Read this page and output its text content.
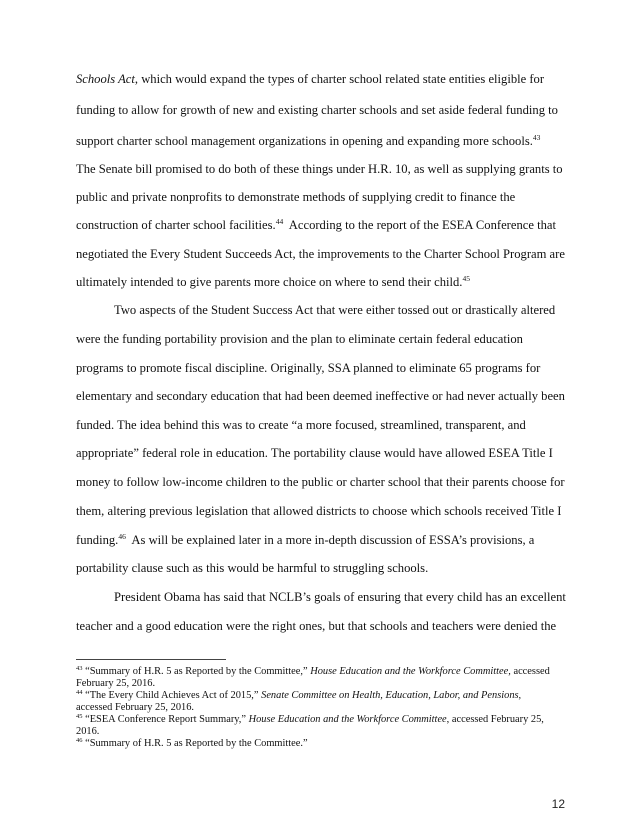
Schools Act, which would expand the types of charter school related state entities eligible for
funding to allow for growth of new and existing charter schools and set aside federal funding to
support charter school management organizations in opening and expanding more schools.$^{43}$
The Senate bill promised to do both of these things under H.R. 10, as well as supplying grants to
public and private nonprofits to demonstrate methods of supplying credit to finance the
construction of charter school facilities.$^{44}$  According to the report of the ESEA Conference that
negotiated the Every Student Succeeds Act, the improvements to the Charter School Program are
ultimately intended to give parents more choice on where to send their child.$^{45}$
Two aspects of the Student Success Act that were either tossed out or drastically altered
were the funding portability provision and the plan to eliminate certain federal education
programs to promote fiscal discipline. Originally, SSA planned to eliminate 65 programs for
elementary and secondary education that had been deemed ineffective or had never actually been
funded. The idea behind this was to create “a more focused, streamlined, transparent, and
appropriate” federal role in education. The portability clause would have allowed ESEA Title I
money to follow low-income children to the public or charter school that their parents choose for
them, altering previous legislation that allowed districts to choose which schools received Title I
funding.$^{46}$  As will be explained later in a more in-depth discussion of ESSA’s provisions, a
portability clause such as this would be harmful to struggling schools.
President Obama has said that NCLB’s goals of ensuring that every child has an excellent
teacher and a good education were the right ones, but that schools and teachers were denied the
$^{43}$ “Summary of H.R. 5 as Reported by the Committee,” House Education and the Workforce Committee, accessed
February 25, 2016.
$^{44}$ “The Every Child Achieves Act of 2015,” Senate Committee on Health, Education, Labor, and Pensions,
accessed February 25, 2016.
$^{45}$ “ESEA Conference Report Summary,” House Education and the Workforce Committee, accessed February 25,
2016.
$^{46}$ “Summary of H.R. 5 as Reported by the Committee.”
12
